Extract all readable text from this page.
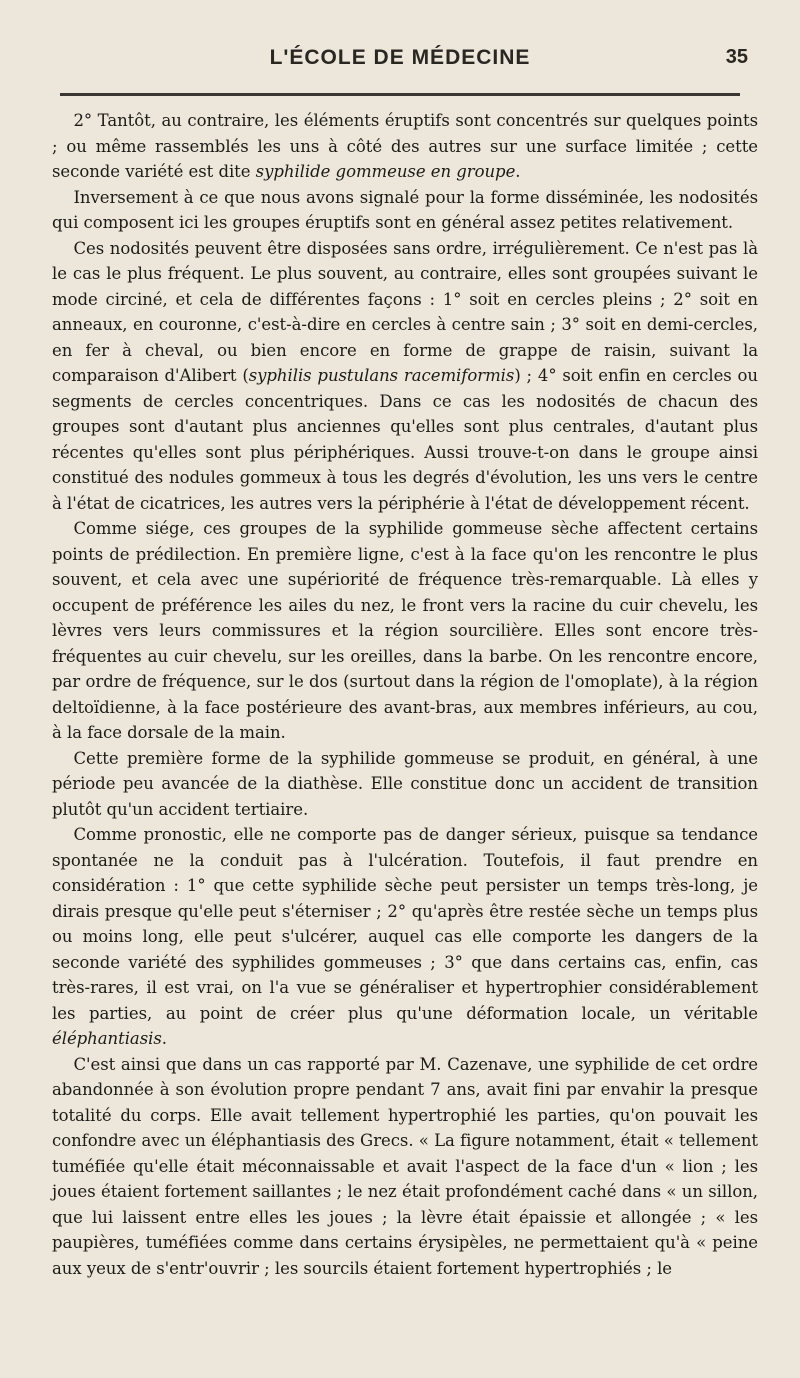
L'ÉCOLE DE MÉDECINE	35

2° Tantôt, au contraire, les éléments éruptifs sont concentrés sur quelques points ; ou même rassemblés les uns à côté des autres sur une surface limitée ; cette seconde variété est dite syphilide gommeuse en groupe.

Inversement à ce que nous avons signalé pour la forme disséminée, les nodosités qui composent ici les groupes éruptifs sont en général assez petites relativement.

Ces nodosités peuvent être disposées sans ordre, irrégulièrement. Ce n'est pas là le cas le plus fréquent. Le plus souvent, au contraire, elles sont groupées suivant le mode circiné, et cela de différentes façons : 1° soit en cercles pleins ; 2° soit en anneaux, en couronne, c'est-à-dire en cercles à centre sain ; 3° soit en demi-cercles, en fer à cheval, ou bien encore en forme de grappe de raisin, suivant la comparaison d'Alibert (syphilis pustulans racemiformis) ; 4° soit enfin en cercles ou segments de cercles concentriques. Dans ce cas les nodosités de chacun des groupes sont d'autant plus anciennes qu'elles sont plus centrales, d'autant plus récentes qu'elles sont plus périphériques. Aussi trouve-t-on dans le groupe ainsi constitué des nodules gommeux à tous les degrés d'évolution, les uns vers le centre à l'état de cicatrices, les autres vers la périphérie à l'état de développement récent.

Comme siége, ces groupes de la syphilide gommeuse sèche affectent certains points de prédilection. En première ligne, c'est à la face qu'on les rencontre le plus souvent, et cela avec une supériorité de fréquence très-remarquable. Là elles y occupent de préférence les ailes du nez, le front vers la racine du cuir chevelu, les lèvres vers leurs commissures et la région sourcilière. Elles sont encore très-fréquentes au cuir chevelu, sur les oreilles, dans la barbe. On les rencontre encore, par ordre de fréquence, sur le dos (surtout dans la région de l'omoplate), à la région deltoïdienne, à la face postérieure des avant-bras, aux membres inférieurs, au cou, à la face dorsale de la main.

Cette première forme de la syphilide gommeuse se produit, en général, à une période peu avancée de la diathèse. Elle constitue donc un accident de transition plutôt qu'un accident tertiaire.

Comme pronostic, elle ne comporte pas de danger sérieux, puisque sa tendance spontanée ne la conduit pas à l'ulcération. Toutefois, il faut prendre en considération : 1° que cette syphilide sèche peut persister un temps très-long, je dirais presque qu'elle peut s'éterniser ; 2° qu'après être restée sèche un temps plus ou moins long, elle peut s'ulcérer, auquel cas elle comporte les dangers de la seconde variété des syphilides gommeuses ; 3° que dans certains cas, enfin, cas très-rares, il est vrai, on l'a vue se généraliser et hypertrophier considérablement les parties, au point de créer plus qu'une déformation locale, un véritable éléphantiasis.

C'est ainsi que dans un cas rapporté par M. Cazenave, une syphilide de cet ordre abandonnée à son évolution propre pendant 7 ans, avait fini par envahir la presque totalité du corps. Elle avait tellement hypertrophié les parties, qu'on pouvait les confondre avec un éléphantiasis des Grecs. « La figure notamment, était « tellement tuméfiée qu'elle était méconnaissable et avait l'aspect de la face d'un « lion ; les joues étaient fortement saillantes ; le nez était profondément caché dans « un sillon, que lui laissent entre elles les joues ; la lèvre était épaissie et allongée ; « les paupières, tuméfiées comme dans certains érysipèles, ne permettaient qu'à « peine aux yeux de s'entr'ouvrir ; les sourcils étaient fortement hypertrophiés ; le
